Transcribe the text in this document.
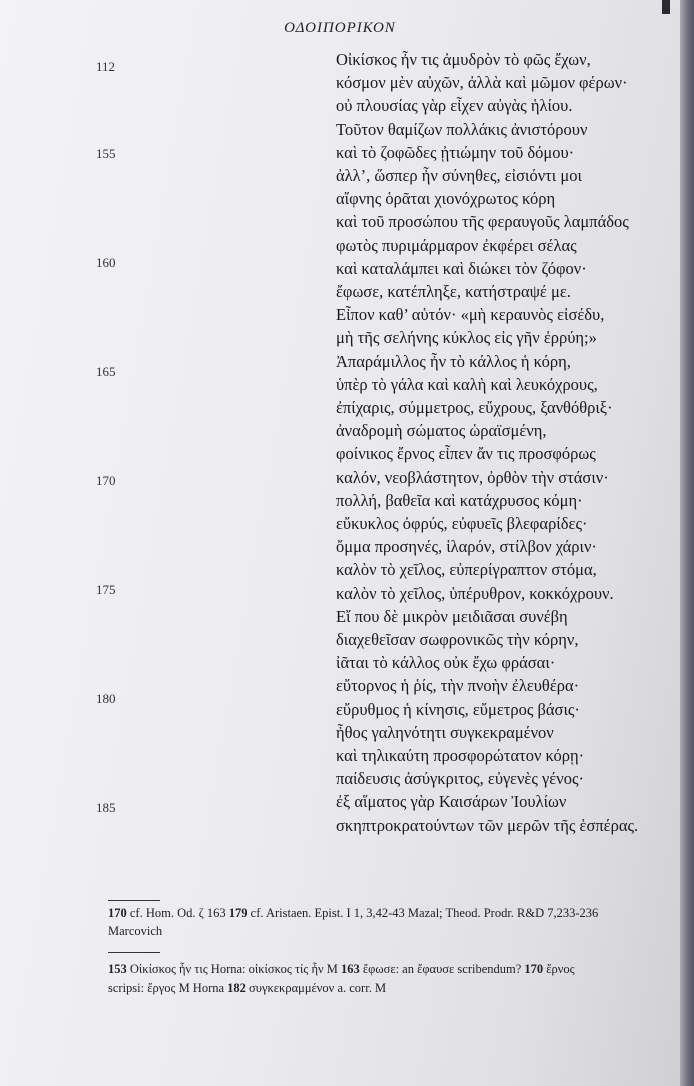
ΟΔΟΙΠΟΡΙΚΟΝ
112
155
160
165
170
175
180
185
Οἰκίσκος ἦν τις ἀμυδρὸν τὸ φῶς ἔχων,
κόσμον μὲν αὐχῶν, ἀλλὰ καὶ μῶμον φέρων·
οὐ πλουσίας γὰρ εἶχεν αὐγὰς ἡλίου.
Τοῦτον θαμίζων πολλάκις ἀνιστόρουν
καὶ τὸ ζοφῶδες ᾐτιώμην τοῦ δόμου·
ἀλλ’, ὥσπερ ἦν σύνηθες, εἰσιόντι μοι
αἴφνης ὁρᾶται χιονόχρωτος κόρη
καὶ τοῦ προσώπου τῆς φεραυγοῦς λαμπάδος
φωτὸς πυριμάρμαρον ἐκφέρει σέλας
καὶ καταλάμπει καὶ διώκει τὸν ζόφον·
ἔφωσε, κατέπληξε, κατήστραψέ με.
Εἶπον καθ’ αὑτόν· «μὴ κεραυνὸς εἰσέδυ,
μὴ τῆς σελήνης κύκλος εἰς γῆν ἐρρύη;»
Ἀπαράμιλλος ἦν τὸ κάλλος ἡ κόρη,
ὑπὲρ τὸ γάλα καὶ καλὴ καὶ λευκόχρους,
ἐπίχαρις, σύμμετρος, εὔχρους, ξανθόθριξ·
ἀναδρομὴ σώματος ὡραϊσμένη,
φοίνικος ἔρνος εἶπεν ἄν τις προσφόρως
καλόν, νεοβλάστητον, ὀρθὸν τὴν στάσιν·
πολλή, βαθεῖα καὶ κατάχρυσος κόμη·
εὔκυκλος ὀφρύς, εὐφυεῖς βλεφαρίδες·
ὄμμα προσηνές, ἱλαρόν, στίλβον χάριν·
καλὸν τὸ χεῖλος, εὐπερίγραπτον στόμα,
καλὸν τὸ χεῖλος, ὑπέρυθρον, κοκκόχρουν.
Εἴ που δὲ μικρὸν μειδιᾶσαι συνέβη
διαχεθεῖσαν σωφρονικῶς τὴν κόρην,
ἰᾶται τὸ κάλλος οὐκ ἔχω φράσαι·
εὔτορνος ἡ ῥίς, τὴν πνοὴν ἐλευθέρα·
εὔρυθμος ἡ κίνησις, εὔμετρος βάσις·
ἦθος γαληνότητι συγκεκραμένον
καὶ τηλικαύτη προσφορώτατον κόρῃ·
παίδευσις ἀσύγκριτος, εὐγενὲς γένος·
ἐξ αἵματος γὰρ Καισάρων Ἰουλίων
σκηπτροκρατούντων τῶν μερῶν τῆς ἑσπέρας.
170 cf. Hom. Od. ζ 163 179 cf. Aristaen. Epist. I 1, 3,42-43 Mazal; Theod. Prodr. R&D 7,233-236
Marcovich
153 Οἰκίσκος ἦν τις Horna: οἰκίσκος τίς ἦν M 163 ἔφωσε: an ἔφαυσε scribendum? 170 ἔρνος
scripsi: ἔργος M Horna 182 συγκεκραμμένον a. corr. M
